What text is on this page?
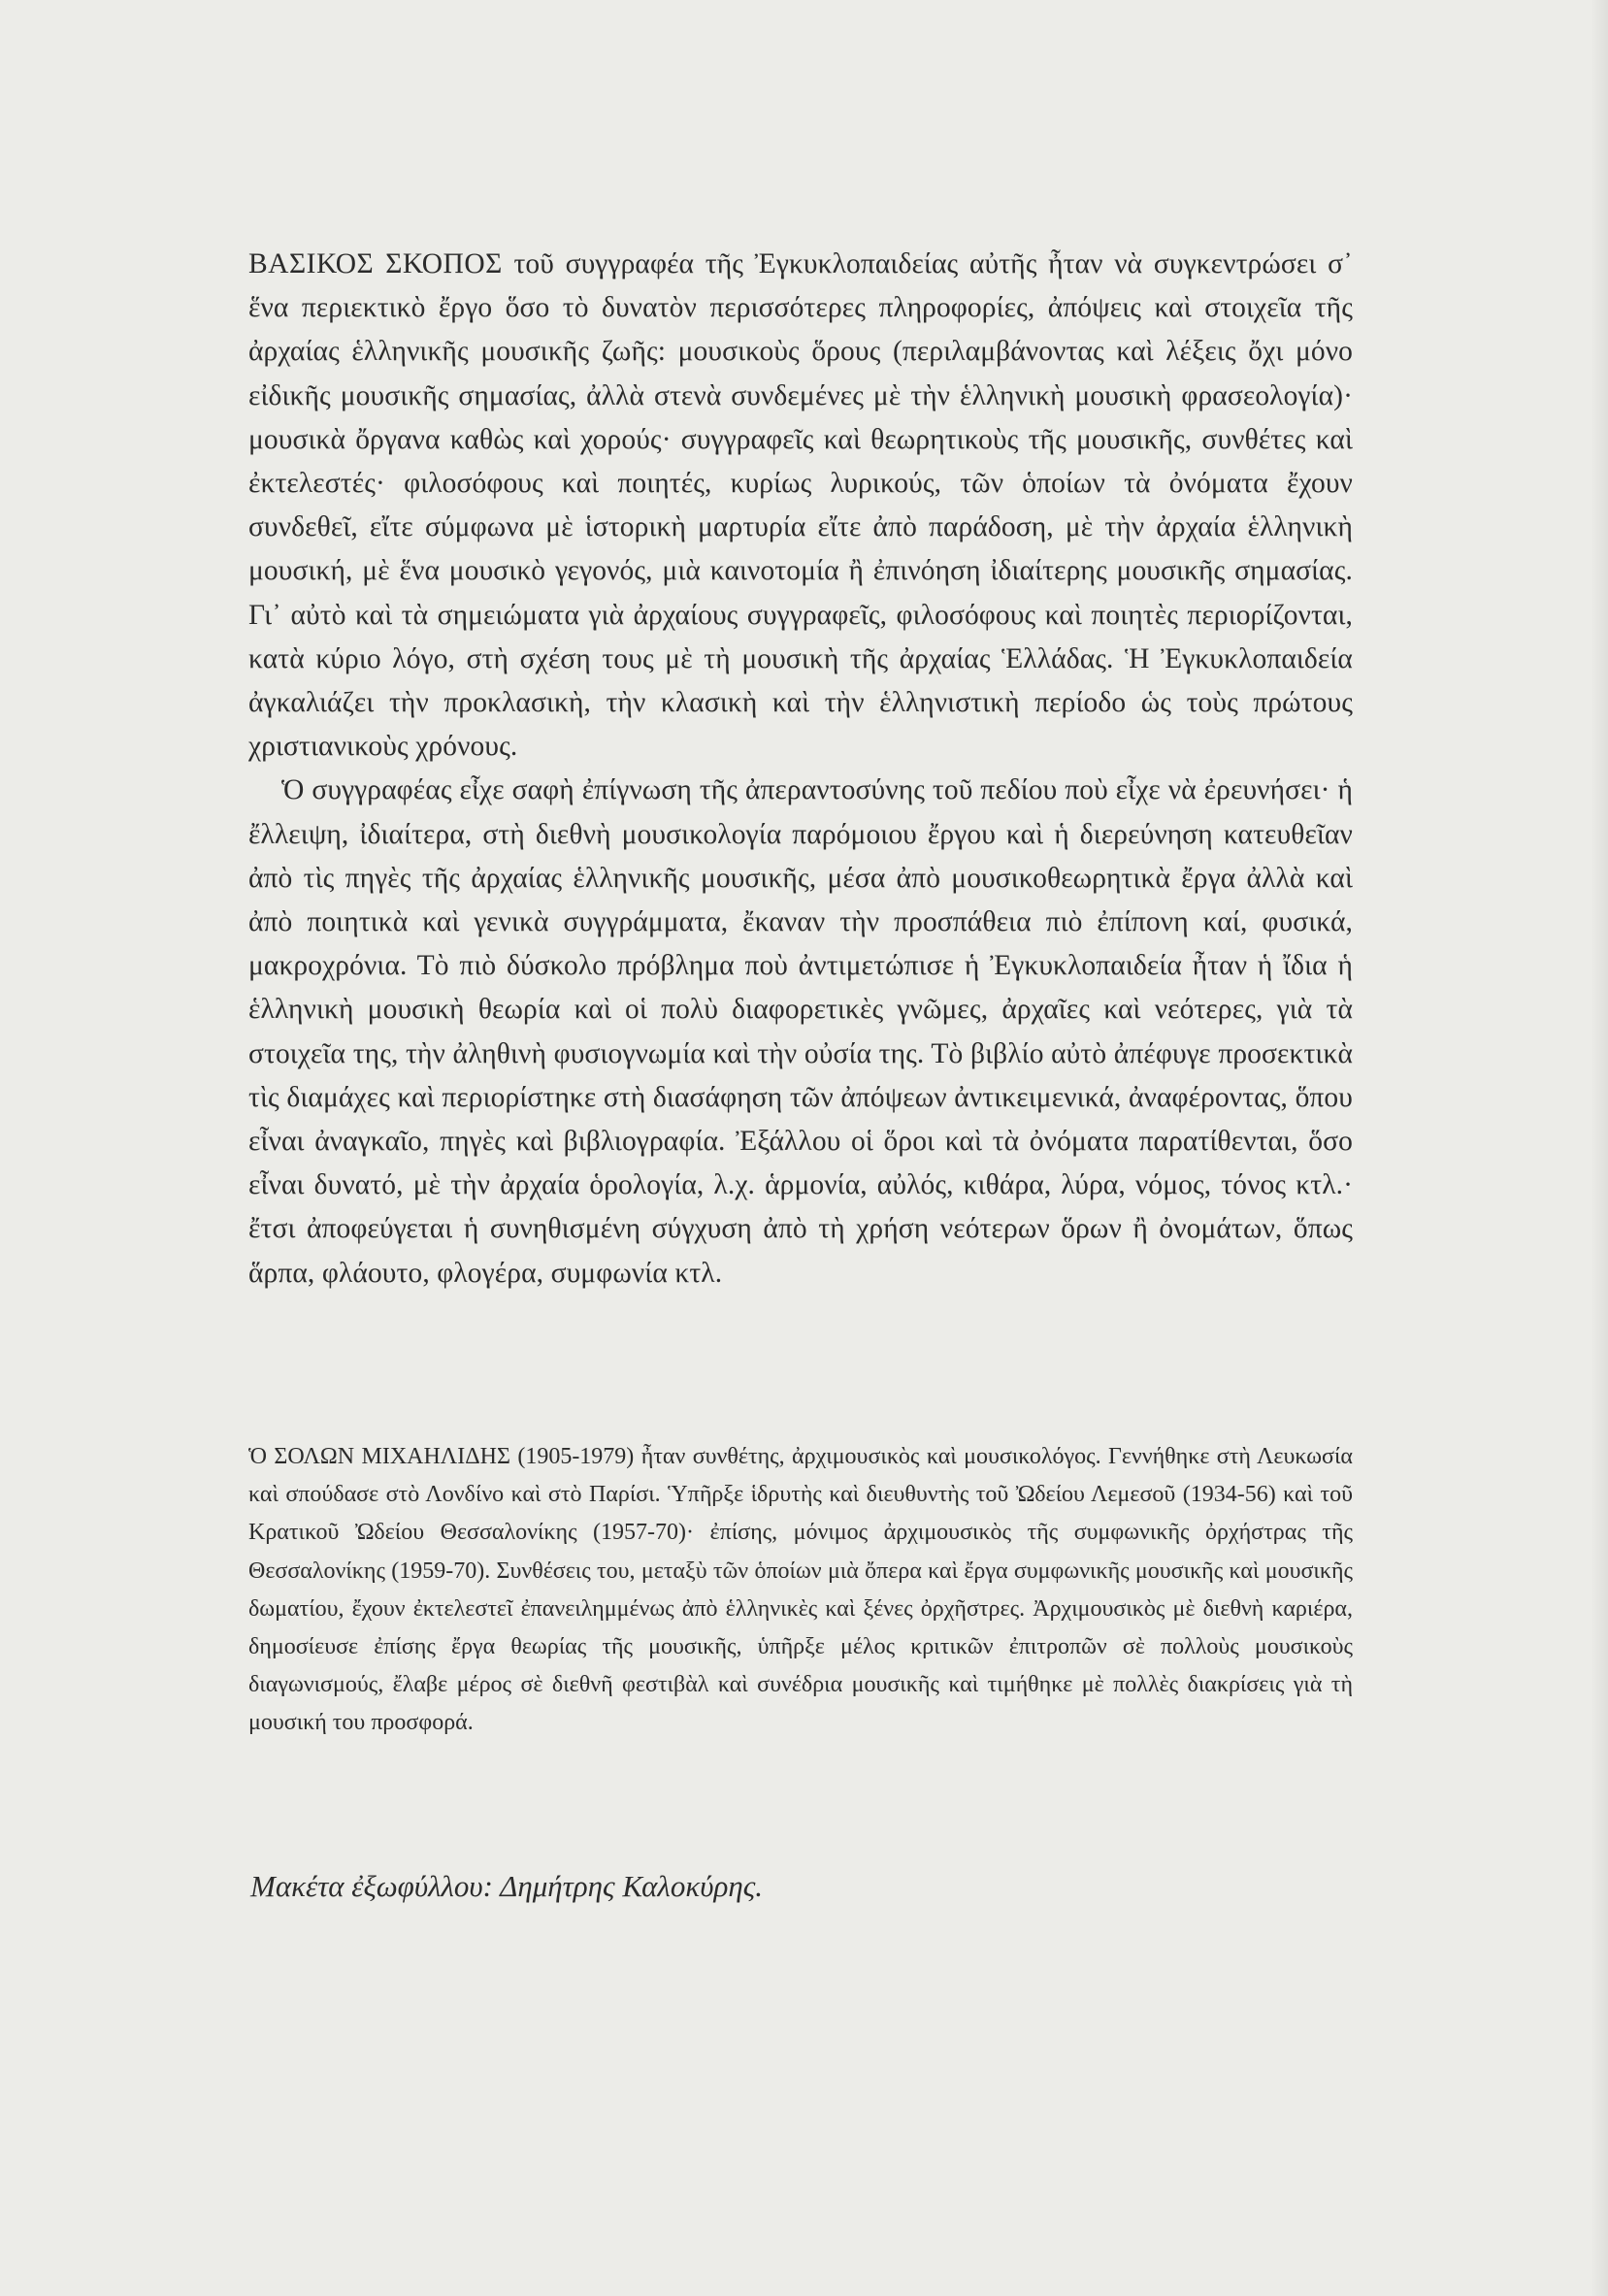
ΒΑΣΙΚΟΣ ΣΚΟΠΟΣ τοῦ συγγραφέα τῆς Ἐγκυκλοπαιδείας αὐτῆς ἦταν νὰ συγκεντρώσει σ᾽ ἕνα περιεκτικὸ ἔργο ὅσο τὸ δυνατὸν περισσότερες πληροφορίες, ἀπόψεις καὶ στοιχεῖα τῆς ἀρχαίας ἑλληνικῆς μουσικῆς ζωῆς: μουσικοὺς ὅρους (περιλαμβάνοντας καὶ λέξεις ὄχι μόνο εἰδικῆς μουσικῆς σημασίας, ἀλλὰ στενὰ συνδεμένες μὲ τὴν ἑλληνικὴ μουσικὴ φρασεολογία)· μουσικὰ ὄργανα καθὼς καὶ χορούς· συγγραφεῖς καὶ θεωρητικοὺς τῆς μουσικῆς, συνθέτες καὶ ἐκτελεστές· φιλοσόφους καὶ ποιητές, κυρίως λυρικούς, τῶν ὁποίων τὰ ὀνόματα ἔχουν συνδεθεῖ, εἴτε σύμφωνα μὲ ἱστορικὴ μαρτυρία εἴτε ἀπὸ παράδοση, μὲ τὴν ἀρχαία ἑλληνικὴ μουσική, μὲ ἕνα μουσικὸ γεγονός, μιὰ καινοτομία ἢ ἐπινόηση ἰδιαίτερης μουσικῆς σημασίας. Γι᾽ αὐτὸ καὶ τὰ σημειώματα γιὰ ἀρχαίους συγγραφεῖς, φιλοσόφους καὶ ποιητὲς περιορίζονται, κατὰ κύριο λόγο, στὴ σχέση τους μὲ τὴ μουσικὴ τῆς ἀρχαίας Ἑλλάδας. Ἡ Ἐγκυκλοπαιδεία ἀγκαλιάζει τὴν προκλασικὴ, τὴν κλασικὴ καὶ τὴν ἑλληνιστικὴ περίοδο ὡς τοὺς πρώτους χριστιανικοὺς χρόνους.

Ὁ συγγραφέας εἶχε σαφὴ ἐπίγνωση τῆς ἀπεραντοσύνης τοῦ πεδίου ποὺ εἶχε νὰ ἐρευνήσει· ἡ ἔλλειψη, ἰδιαίτερα, στὴ διεθνὴ μουσικολογία παρόμοιου ἔργου καὶ ἡ διερεύνηση κατευθεῖαν ἀπὸ τὶς πηγὲς τῆς ἀρχαίας ἑλληνικῆς μουσικῆς, μέσα ἀπὸ μουσικοθεωρητικὰ ἔργα ἀλλὰ καὶ ἀπὸ ποιητικὰ καὶ γενικὰ συγγράμματα, ἔκαναν τὴν προσπάθεια πιὸ ἐπίπονη καί, φυσικά, μακροχρόνια. Τὸ πιὸ δύσκολο πρόβλημα ποὺ ἀντιμετώπισε ἡ Ἐγκυκλοπαιδεία ἦταν ἡ ἴδια ἡ ἑλληνικὴ μουσικὴ θεωρία καὶ οἱ πολὺ διαφορετικὲς γνῶμες, ἀρχαῖες καὶ νεότερες, γιὰ τὰ στοιχεῖα της, τὴν ἀληθινὴ φυσιογνωμία καὶ τὴν οὐσία της. Τὸ βιβλίο αὐτὸ ἀπέφυγε προσεκτικὰ τὶς διαμάχες καὶ περιορίστηκε στὴ διασάφηση τῶν ἀπόψεων ἀντικειμενικά, ἀναφέροντας, ὅπου εἶναι ἀναγκαῖο, πηγὲς καὶ βιβλιογραφία. Ἐξάλλου οἱ ὅροι καὶ τὰ ὀνόματα παρατίθενται, ὅσο εἶναι δυνατό, μὲ τὴν ἀρχαία ὁρολογία, λ.χ. ἁρμονία, αὐλός, κιθάρα, λύρα, νόμος, τόνος κτλ.· ἔτσι ἀποφεύγεται ἡ συνηθισμένη σύγχυση ἀπὸ τὴ χρήση νεότερων ὅρων ἢ ὀνομάτων, ὅπως ἅρπα, φλάουτο, φλογέρα, συμφωνία κτλ.

Ὁ ΣΟΛΩΝ ΜΙΧΑΗΛΙΔΗΣ (1905-1979) ἦταν συνθέτης, ἀρχιμουσικὸς καὶ μουσικολόγος. Γεννήθηκε στὴ Λευκωσία καὶ σπούδασε στὸ Λονδίνο καὶ στὸ Παρίσι. Ὑπῆρξε ἱδρυτὴς καὶ διευθυντὴς τοῦ Ὠδείου Λεμεσοῦ (1934-56) καὶ τοῦ Κρατικοῦ Ὠδείου Θεσσαλονίκης (1957-70)· ἐπίσης, μόνιμος ἀρχιμουσικὸς τῆς συμφωνικῆς ὀρχήστρας τῆς Θεσσαλονίκης (1959-70). Συνθέσεις του, μεταξὺ τῶν ὁποίων μιὰ ὄπερα καὶ ἔργα συμφωνικῆς μουσικῆς καὶ μουσικῆς δωματίου, ἔχουν ἐκτελεστεῖ ἐπανειλημμένως ἀπὸ ἑλληνικὲς καὶ ξένες ὀρχῆστρες. Ἀρχιμουσικὸς μὲ διεθνὴ καριέρα, δημοσίευσε ἐπίσης ἔργα θεωρίας τῆς μουσικῆς, ὑπῆρξε μέλος κριτικῶν ἐπιτροπῶν σὲ πολλοὺς μουσικοὺς διαγωνισμούς, ἔλαβε μέρος σὲ διεθνῆ φεστιβὰλ καὶ συνέδρια μουσικῆς καὶ τιμήθηκε μὲ πολλὲς διακρίσεις γιὰ τὴ μουσική του προσφορά.

Μακέτα ἐξωφύλλου: Δημήτρης Καλοκύρης.
